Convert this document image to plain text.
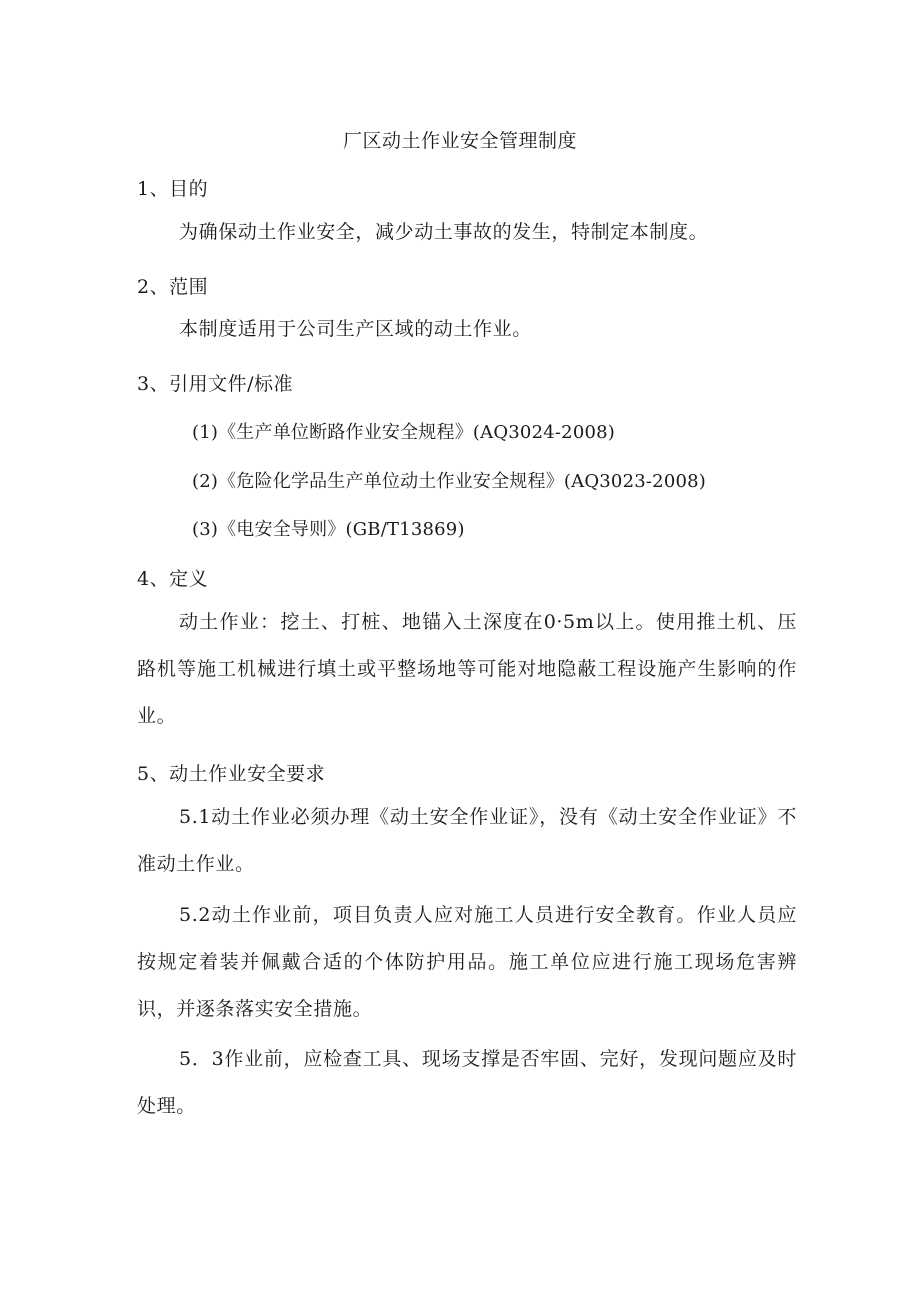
厂区动土作业安全管理制度
1、目的
为确保动土作业安全，减少动土事故的发生，特制定本制度。
2、范围
本制度适用于公司生产区域的动土作业。
3、引用文件/标准
(1)《生产单位断路作业安全规程》(AQ3024-2008)
(2)《危险化学品生产单位动土作业安全规程》(AQ3023-2008)
(3)《电安全导则》(GB/T13869)
4、定义
动土作业：挖土、打桩、地锚入土深度在0·5m以上。使用推土机、压路机等施工机械进行填土或平整场地等可能对地隐蔽工程设施产生影响的作业。
5、动土作业安全要求
5.1动土作业必须办理《动土安全作业证》，没有《动土安全作业证》不准动土作业。
5.2动土作业前，项目负责人应对施工人员进行安全教育。作业人员应按规定着装并佩戴合适的个体防护用品。施工单位应进行施工现场危害辨识，并逐条落实安全措施。
5．3作业前，应检查工具、现场支撑是否牢固、完好，发现问题应及时处理。
